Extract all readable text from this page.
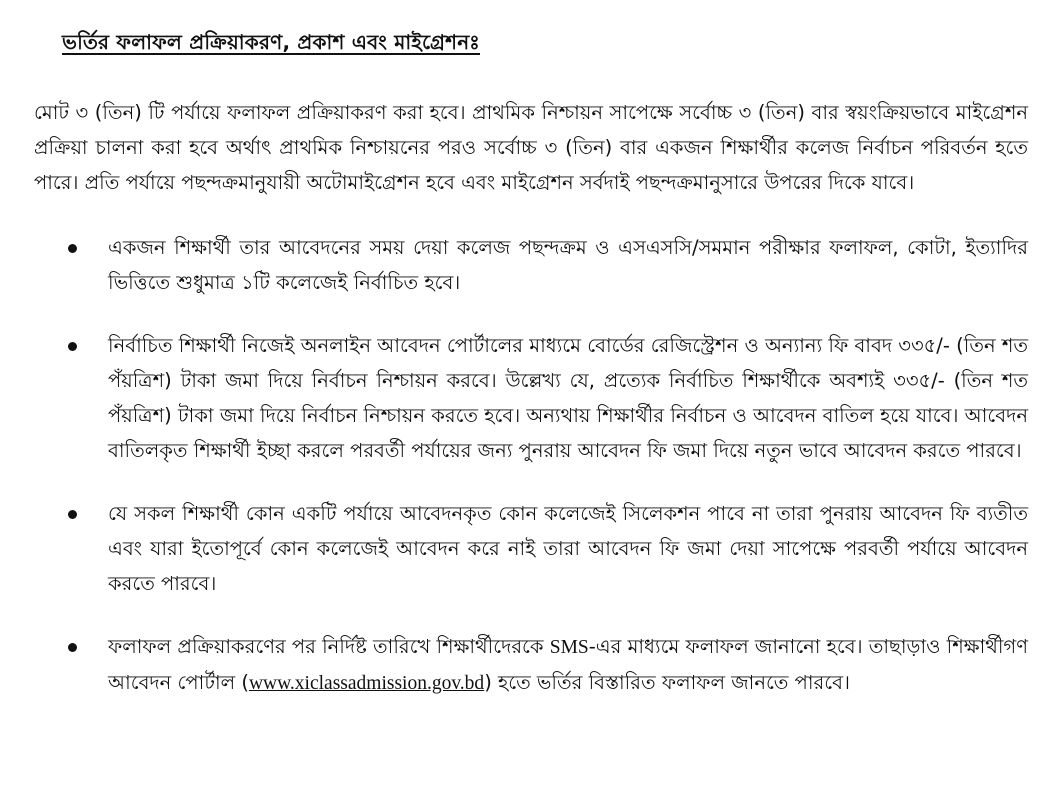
ভর্তির ফলাফল প্রক্রিয়াকরণ, প্রকাশ এবং মাইগ্রেশনঃ

মোট ৩ (তিন) টি পর্যায়ে ফলাফল প্রক্রিয়াকরণ করা হবে। প্রাথমিক নিশ্চায়ন সাপেক্ষে সর্বোচ্চ ৩ (তিন) বার স্বয়ংক্রিয়ভাবে মাইগ্রেশন প্রক্রিয়া চালনা করা হবে অর্থাৎ প্রাথমিক নিশ্চায়নের পরও সর্বোচ্চ ৩ (তিন) বার একজন শিক্ষার্থীর কলেজ নির্বাচন পরিবর্তন হতে পারে। প্রতি পর্যায়ে পছন্দক্রমানুযায়ী অটোমাইগ্রেশন হবে এবং মাইগ্রেশন সর্বদাই পছন্দক্রমানুসারে উপরের দিকে যাবে।

একজন শিক্ষার্থী তার আবেদনের সময় দেয়া কলেজ পছন্দক্রম ও এসএসসি/সমমান পরীক্ষার ফলাফল, কোটা, ইত্যাদির ভিত্তিতে শুধুমাত্র ১টি কলেজেই নির্বাচিত হবে।
নির্বাচিত শিক্ষার্থী নিজেই অনলাইন আবেদন পোর্টালের মাধ্যমে বোর্ডের রেজিস্ট্রেশন ও অন্যান্য ফি বাবদ ৩৩৫/- (তিন শত পঁয়ত্রিশ) টাকা জমা দিয়ে নির্বাচন নিশ্চায়ন করবে। উল্লেখ্য যে, প্রত্যেক নির্বাচিত শিক্ষার্থীকে অবশ্যই ৩৩৫/- (তিন শত পঁয়ত্রিশ) টাকা জমা দিয়ে নির্বাচন নিশ্চায়ন করতে হবে। অন্যথায় শিক্ষার্থীর নির্বাচন ও আবেদন বাতিল হয়ে যাবে। আবেদন বাতিলকৃত শিক্ষার্থী ইচ্ছা করলে পরবর্তী পর্যায়ের জন্য পুনরায় আবেদন ফি জমা দিয়ে নতুন ভাবে আবেদন করতে পারবে।
যে সকল শিক্ষার্থী কোন একটি পর্যায়ে আবেদনকৃত কোন কলেজেই সিলেকশন পাবে না তারা পুনরায় আবেদন ফি ব্যতীত এবং যারা ইতোপূর্বে কোন কলেজেই আবেদন করে নাই তারা আবেদন ফি জমা দেয়া সাপেক্ষে পরবর্তী পর্যায়ে আবেদন করতে পারবে।
ফলাফল প্রক্রিয়াকরণের পর নির্দিষ্ট তারিখে শিক্ষার্থীদেরকে SMS-এর মাধ্যমে ফলাফল জানানো হবে। তাছাড়াও শিক্ষার্থীগণ আবেদন পোর্টাল (www.xiclassadmission.gov.bd) হতে ভর্তির বিস্তারিত ফলাফল জানতে পারবে।
